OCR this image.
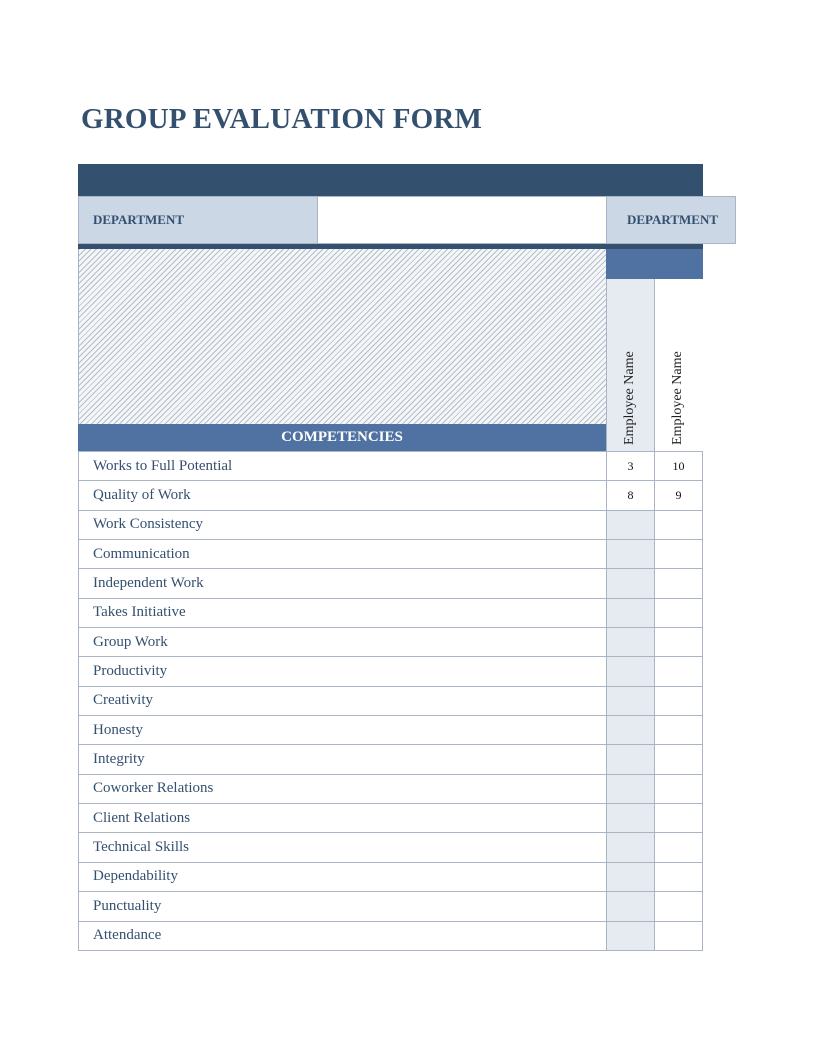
GROUP EVALUATION FORM
DEPARTMENT	DEPARTMENT
Employee Name Employee Name
COMPETENCIES
Works to Full Potential	3	10
Quality of Work	8	9
Work Consistency
Communication
Independent Work
Takes Initiative
Group Work
Productivity
Creativity
Honesty
Integrity
Coworker Relations
Client Relations
Technical Skills
Dependability
Punctuality
Attendance
